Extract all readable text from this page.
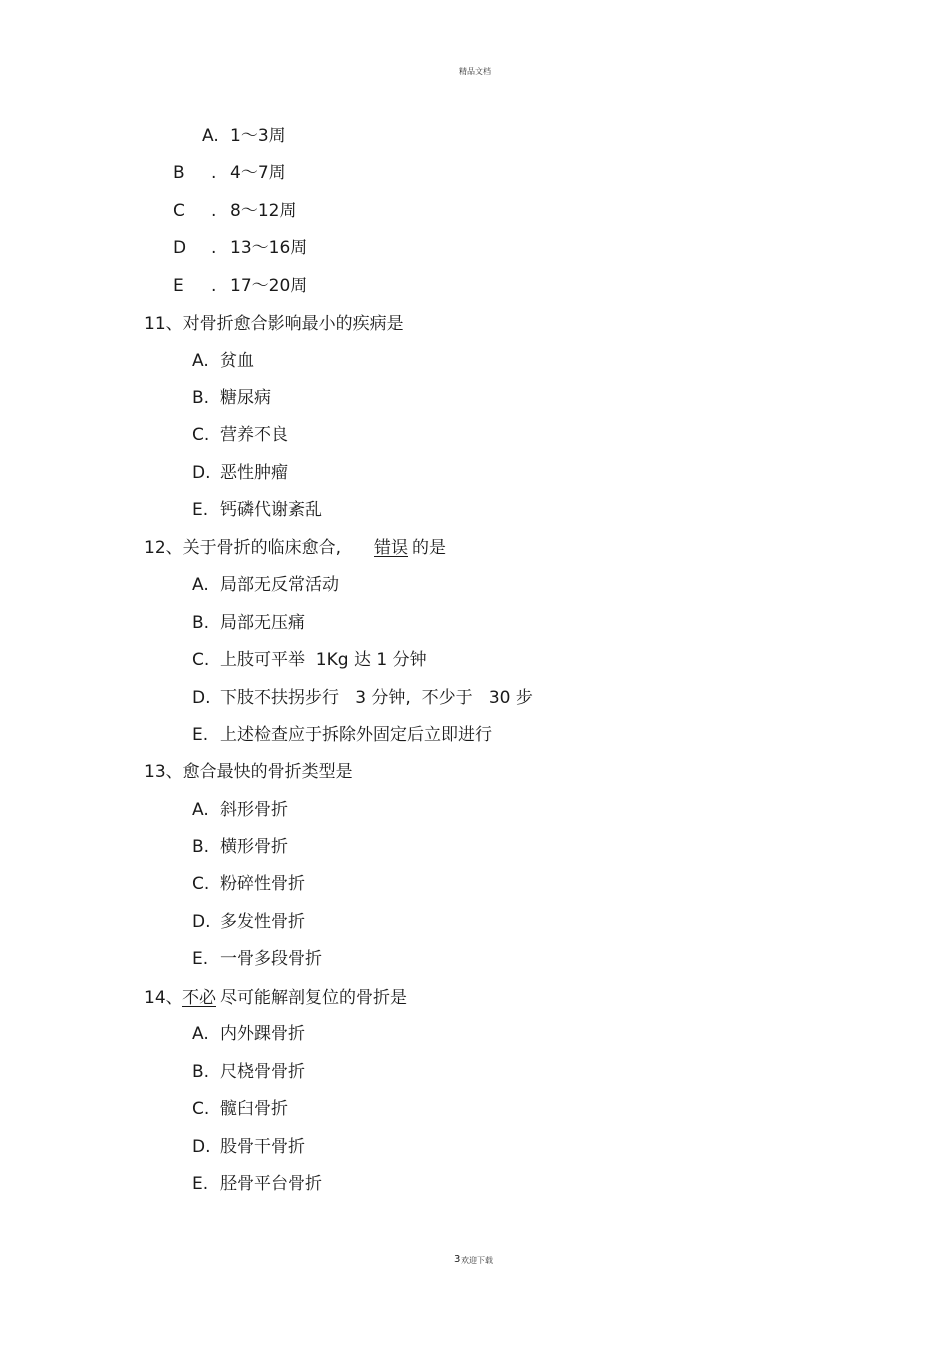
精品文档
A. 1～3周
B . 4～7周
C . 8～12周
D . 13～16周
E . 17～20周
11、对骨折愈合影响最小的疾病是
A. 贫血
B. 糖尿病
C. 营养不良
D. 恶性肿瘤
E. 钙磷代谢紊乱
12、关于骨折的临床愈合, 错误 的是
A. 局部无反常活动
B. 局部无压痛
C. 上肢可平举  1Kg 达 1 分钟
D. 下肢不扶拐步行   3 分钟,  不少于   30 步
E. 上述检查应于拆除外固定后立即进行
13、愈合最快的骨折类型是
A. 斜形骨折
B. 横形骨折
C. 粉碎性骨折
D. 多发性骨折
E. 一骨多段骨折
14、 不必 尽可能解剖复位的骨折是
A. 内外踝骨折
B. 尺桡骨骨折
C. 髋臼骨折
D. 股骨干骨折
E. 胫骨平台骨折
3 欢迎下载
